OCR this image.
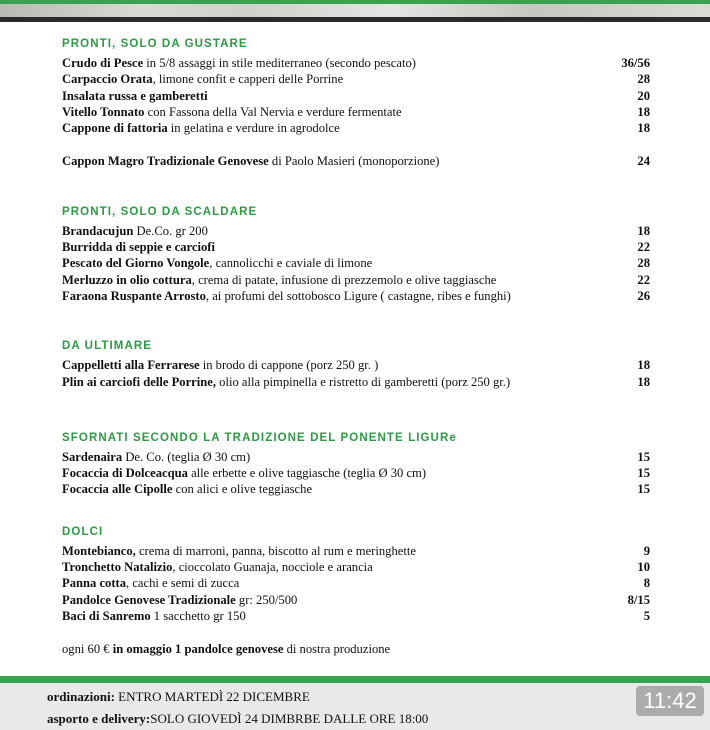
PRONTI, SOLO DA GUSTARE
Crudo di Pesce in 5/8 assaggi in stile mediterraneo (secondo pescato)	36/56
Carpaccio Orata, limone confit e capperi delle Porrine	28
Insalata russa e gamberetti	20
Vitello Tonnato con Fassona della Val Nervia e verdure fermentate	18
Cappone di fattoria in gelatina e verdure in agrodolce	18
Cappon Magro Tradizionale Genovese di Paolo Masieri (monoporzione)	24
PRONTI, SOLO DA SCALDARE
Brandacujun De.Co. gr 200	18
Burridda di seppie e carciofi	22
Pescato del Giorno Vongole, cannolicchi e caviale di limone	28
Merluzzo in olio cottura, crema di patate, infusione di prezzemolo e olive taggiasche	22
Faraona Ruspante Arrosto, ai profumi del sottobosco Ligure ( castagne, ribes e funghi)	26
DA ULTIMARE
Cappelletti alla Ferrarese in brodo di cappone (porz 250 gr. )	18
Plin ai carciofi delle Porrine, olio alla pimpinella e ristretto di gamberetti (porz 250 gr.)	18
SFORNATI SECONDO LA TRADIZIONE DEL PONENTE LIGURe
Sardenaira De. Co. (teglia Ø 30 cm)	15
Focaccia di Dolceacqua alle erbette e olive taggiasche (teglia Ø 30 cm)	15
Focaccia alle Cipolle con alici e olive teggiasche	15
DOLCI
Montebianco, crema di marroni, panna, biscotto al rum e meringhette	9
Tronchetto Natalizio, cioccolato Guanaja, nocciole e arancia	10
Panna cotta, cachi e semi di zucca	8
Pandolce Genovese Tradizionale gr: 250/500	8/15
Baci di Sanremo 1 sacchetto gr 150	5
ogni 60 € in omaggio 1 pandolce genovese di nostra produzione
ordinazioni: ENTRO MARTEDÌ 22 DICEMBRE
asporto e delivery:SOLO GIOVEDÌ 24 DIMBRBE DALLE ORE 18:00
11:42
